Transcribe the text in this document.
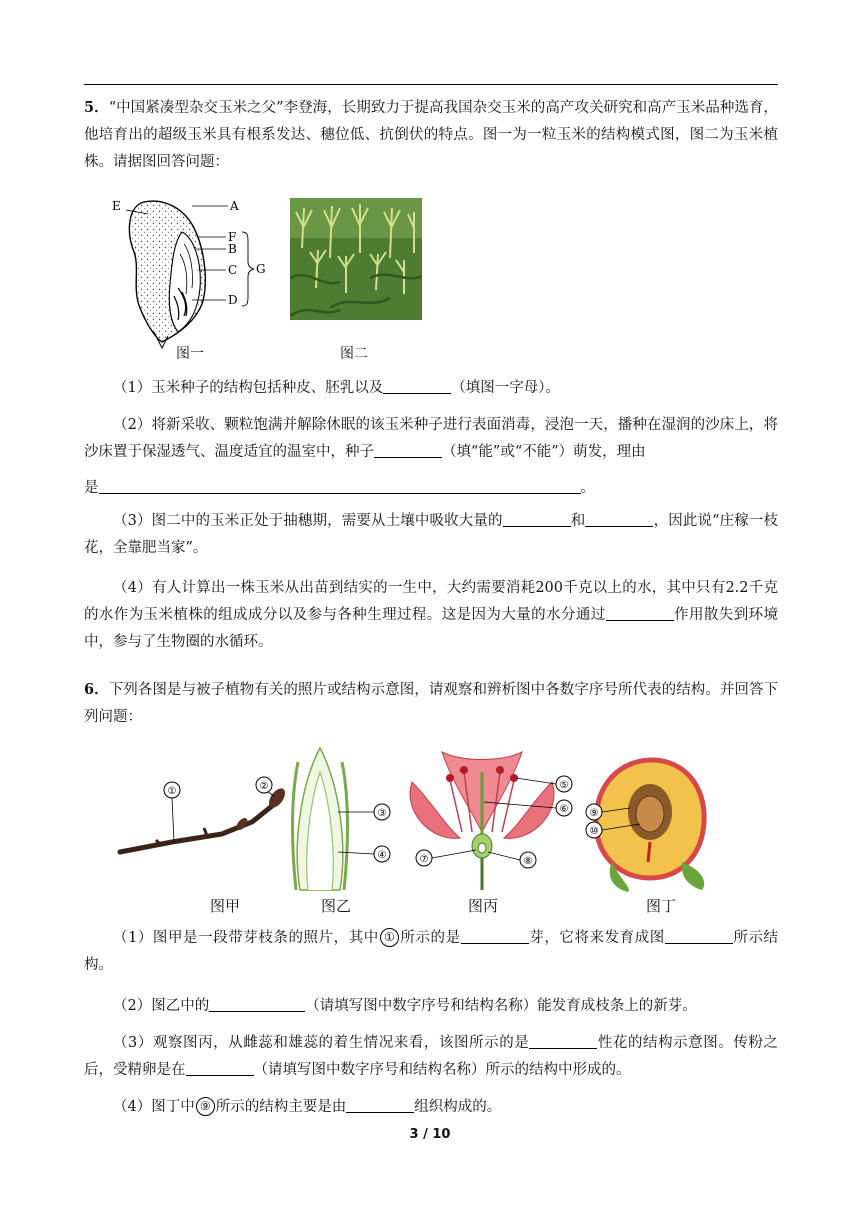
5．“中国紧凑型杂交玉米之父”李登海，长期致力于提高我国杂交玉米的高产攻关研究和高产玉米品种选育，他培育出的超级玉米具有根系发达、穗位低、抗倒伏的特点。图一为一粒玉米的结构模式图，图二为玉米植株。请据图回答问题：
E	A
F
B
C
D
G
图一	图二
（1）玉米种子的结构包括种皮、胚乳以及	（填图一字母）。
（2）将新采收、颗粒饱满并解除休眠的该玉米种子进行表面消毒，浸泡一天，播种在湿润的沙床上，将沙床置于保湿透气、温度适宜的温室中，种子	（填“能”或“不能”）萌发，理由
是	。
（3）图二中的玉米正处于抽穗期，需要从土壤中吸收大量的	和	，因此说“庄稼一枝花，全靠肥当家”。
（4）有人计算出一株玉米从出苗到结实的一生中，大约需要消耗200千克以上的水，其中只有2.2千克的水作为玉米植株的组成成分以及参与各种生理过程。这是因为大量的水分通过	作用散失到环境中，参与了生物圈的水循环。
6．下列各图是与被子植物有关的照片或结构示意图，请观察和辨析图中各数字序号所代表的结构。并回答下列问题：
①	②
③
④
⑤
⑥
⑦	⑧
⑨
⑩
图甲	图乙	图丙	图丁
（1）图甲是一段带芽枝条的照片，其中 ① 所示的是	芽，它将来发育成图	所示结构。
（2）图乙中的	（请填写图中数字序号和结构名称）能发育成枝条上的新芽。
（3）观察图丙，从雌蕊和雄蕊的着生情况来看，该图所示的是	性花的结构示意图。传粉之后，受精卵是在	（请填写图中数字序号和结构名称）所示的结构中形成的。
（4）图丁中 ⑨ 所示的结构主要是由	组织构成的。
3 / 10
